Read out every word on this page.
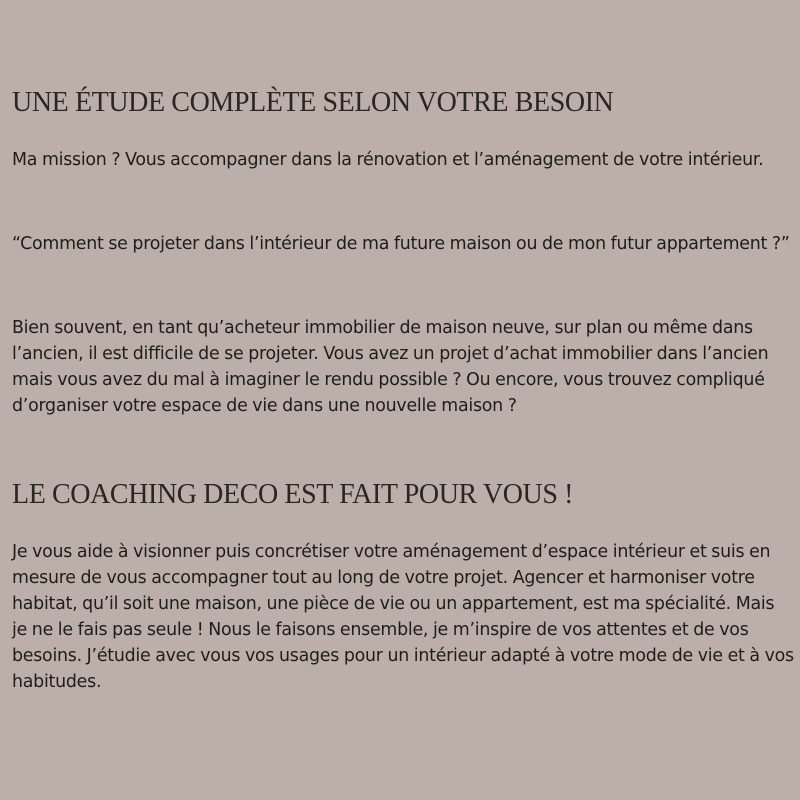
UNE ÉTUDE COMPLÈTE SELON VOTRE BESOIN

Ma mission ? Vous accompagner dans la rénovation et l’aménagement de votre intérieur.

“Comment se projeter dans l’intérieur de ma future maison ou de mon futur appartement ?”

Bien souvent, en tant qu’acheteur immobilier de maison neuve, sur plan ou même dans l’ancien, il est difficile de se projeter. Vous avez un projet d’achat immobilier dans l’ancien mais vous avez du mal à imaginer le rendu possible ? Ou encore, vous trouvez compliqué d’organiser votre espace de vie dans une nouvelle maison ?

LE COACHING DECO EST FAIT POUR VOUS !

Je vous aide à visionner puis concrétiser votre aménagement d’espace intérieur et suis en mesure de vous accompagner tout au long de votre projet. Agencer et harmoniser votre habitat, qu’il soit une maison, une pièce de vie ou un appartement, est ma spécialité. Mais je ne le fais pas seule ! Nous le faisons ensemble, je m’inspire de vos attentes et de vos besoins. J’étudie avec vous vos usages pour un intérieur adapté à votre mode de vie et à vos habitudes.
